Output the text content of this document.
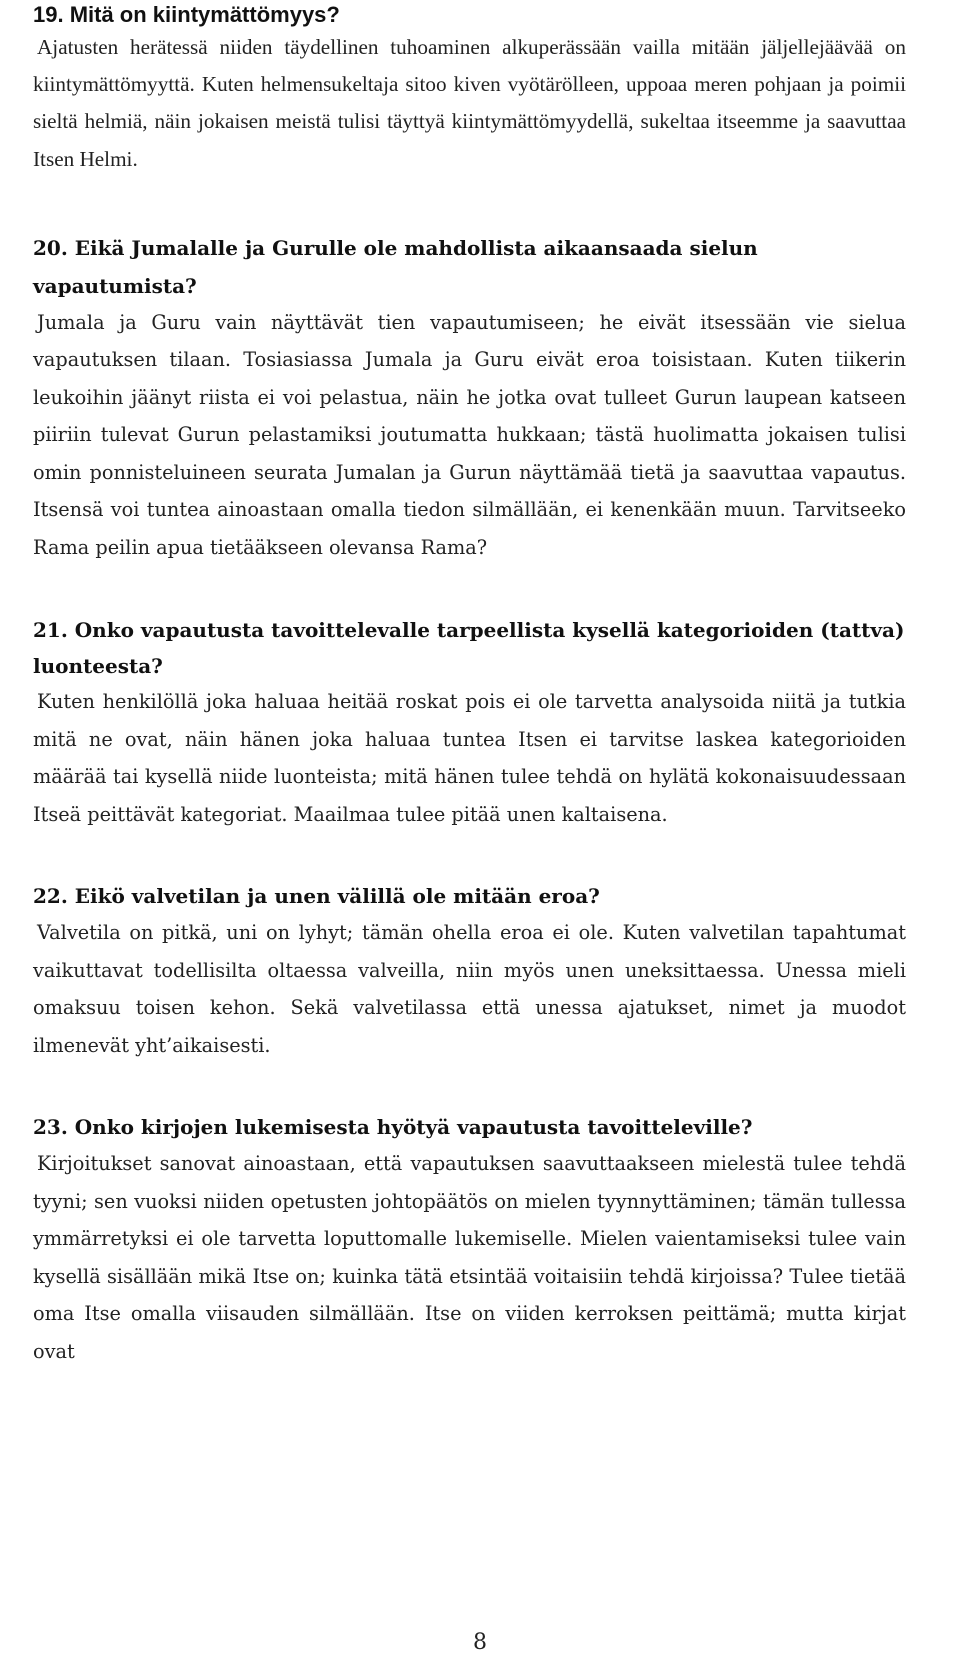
19. Mitä on kiintymättömyys?

Ajatusten herätessä niiden täydellinen tuhoaminen alkuperässään vailla mitään jäljellejäävää on kiintymättömyyttä. Kuten helmensukeltaja sitoo kiven vyötärölleen, uppoaa meren pohjaan ja poimii sieltä helmiä, näin jokaisen meistä tulisi täyttyä kiintymättömyydellä, sukeltaa itseemme ja saavuttaa Itsen Helmi.

20. Eikä Jumalalle ja Gurulle ole mahdollista aikaansaada sielun vapautumista?

Jumala ja Guru vain näyttävät tien vapautumiseen; he eivät itsessään vie sielua vapautuksen tilaan. Tosiasiassa Jumala ja Guru eivät eroa toisistaan. Kuten tiikerin leukoihin jäänyt riista ei voi pelastua, näin he jotka ovat tulleet Gurun laupean katseen piiriin tulevat Gurun pelastamiksi joutumatta hukkaan; tästä huolimatta jokaisen tulisi omin ponnisteluineen seurata Jumalan ja Gurun näyttämää tietä ja saavuttaa vapautus. Itsensä voi tuntea ainoastaan omalla tiedon silmällään, ei kenenkään muun. Tarvitseeko Rama peilin apua tietääkseen olevansa Rama?

21. Onko vapautusta tavoittelevalle tarpeellista kysellä kategorioiden (tattva) luonteesta?

Kuten henkilöllä joka haluaa heitää roskat pois ei ole tarvetta analysoida niitä ja tutkia mitä ne ovat, näin hänen joka haluaa tuntea Itsen ei tarvitse laskea kategorioiden määrää tai kysellä niide luonteista; mitä hänen tulee tehdä on hylätä kokonaisuudessaan Itseä peittävät kategoriat. Maailmaa tulee pitää unen kaltaisena.

22. Eikö valvetilan ja unen välillä ole mitään eroa?

Valvetila on pitkä, uni on lyhyt; tämän ohella eroa ei ole. Kuten valvetilan tapahtumat vaikuttavat todellisilta oltaessa valveilla, niin myös unen uneksittaessa. Unessa mieli omaksuu toisen kehon. Sekä valvetilassa että unessa ajatukset, nimet ja muodot ilmenevät yht’aikaisesti.

23. Onko kirjojen lukemisesta hyötyä vapautusta tavoitteleville?

Kirjoitukset sanovat ainoastaan, että vapautuksen saavuttaakseen mielestä tulee tehdä tyyni; sen vuoksi niiden opetusten johtopäätös on mielen tyynnyttäminen; tämän tullessa ymmärretyksi ei ole tarvetta loputtomalle lukemiselle. Mielen vaientamiseksi tulee vain kysellä sisällään mikä Itse on; kuinka tätä etsintää voitaisiin tehdä kirjoissa? Tulee tietää oma Itse omalla viisauden silmällään. Itse on viiden kerroksen peittämä; mutta kirjat ovat

8
